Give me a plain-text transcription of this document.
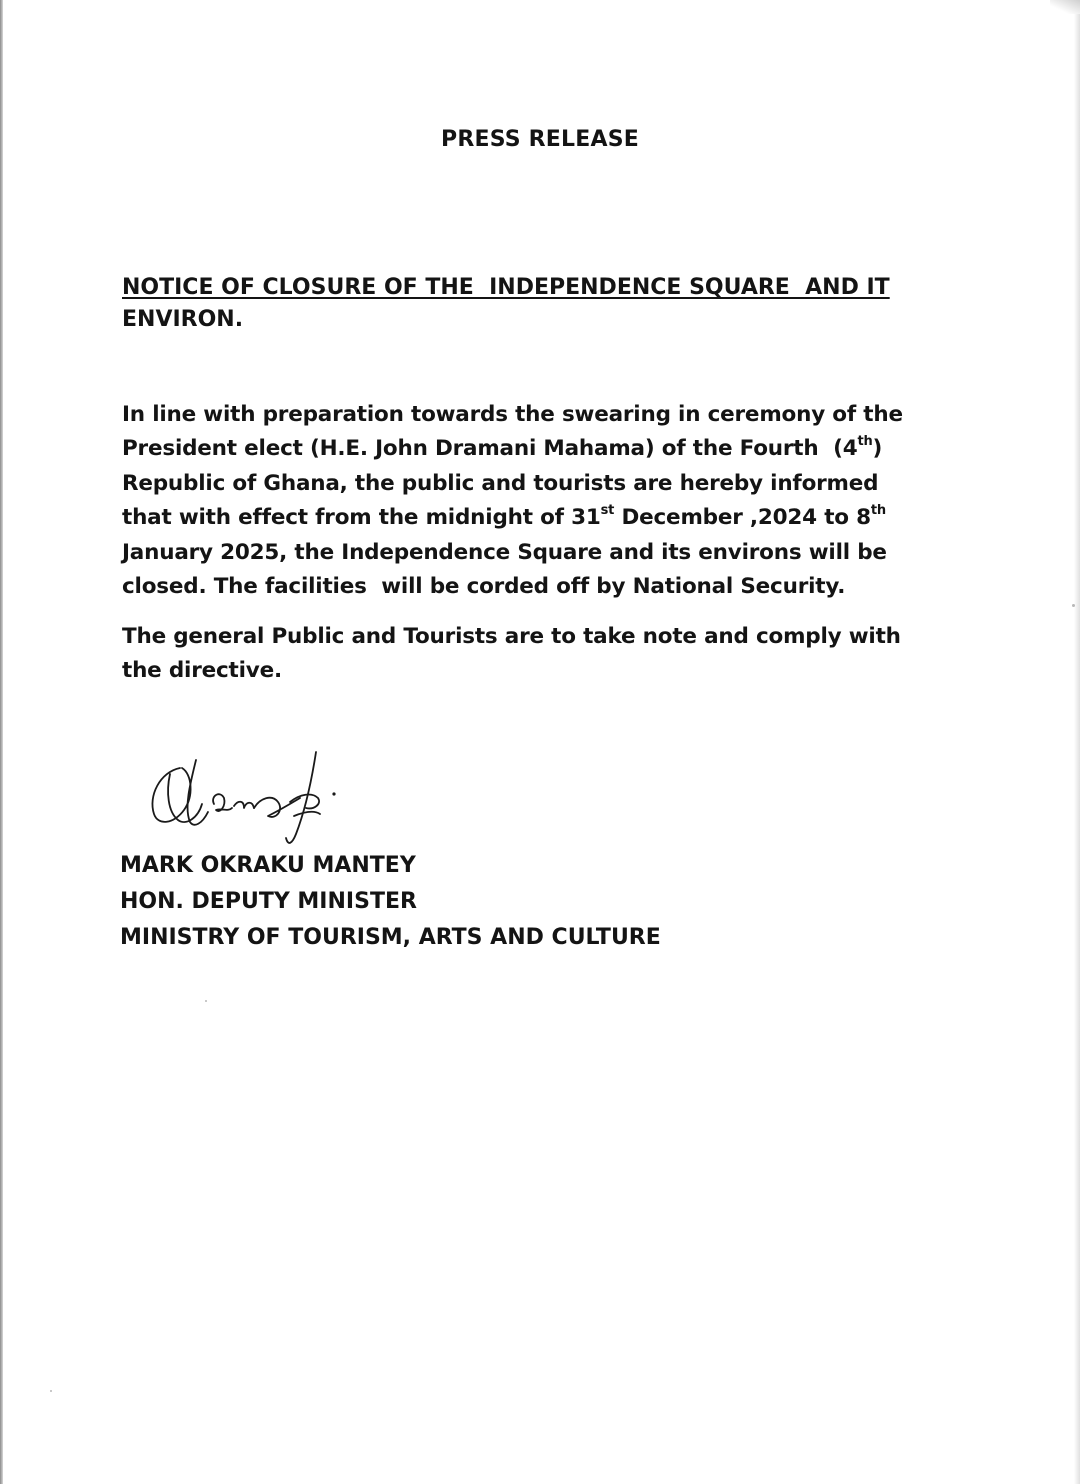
PRESS RELEASE
NOTICE OF CLOSURE OF THE  INDEPENDENCE SQUARE  AND IT
ENVIRON.
In line with preparation towards the swearing in ceremony of the
President elect (H.E. John Dramani Mahama) of the Fourth  (4th)
Republic of Ghana, the public and tourists are hereby informed
that with effect from the midnight of 31st December ,2024 to 8th
January 2025, the Independence Square and its environs will be
closed. The facilities  will be corded off by National Security.
The general Public and Tourists are to take note and comply with
the directive.
MARK OKRAKU MANTEY
HON. DEPUTY MINISTER
MINISTRY OF TOURISM, ARTS AND CULTURE
